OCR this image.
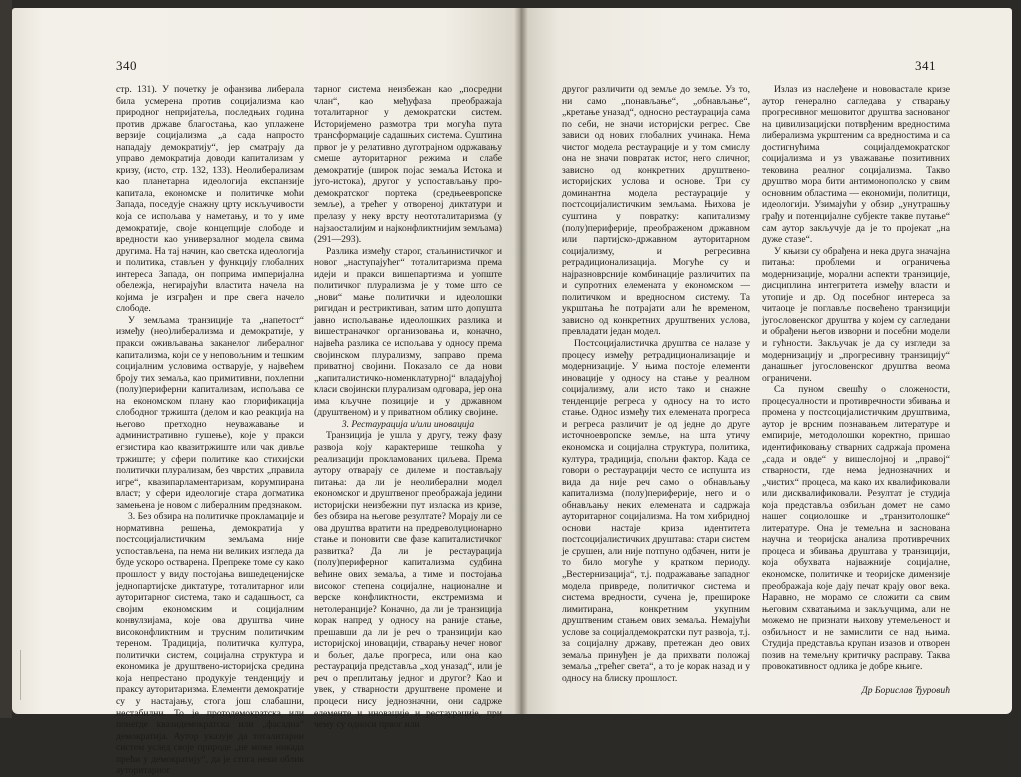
340

стр. 131). У почетку је офанзива либерала била усмерена против социјализма као природног непријатеља, последњих година против државе благостања, као уплажене верзије социјализма „а сада напросто нападају демократију“, јер сматрају да управо демократија доводи капитализам у кризу, (исто, стр. 132, 133). Неолиберализам као планетарна идеологија експанзије капитала, економске и политичке моћи Запада, поседује снажну црту искључивости која се испољава у наметању, и то у име демократије, своје концепције слободе и вредности као универзалног модела свима другима. На тај начин, као светска идеологија и политика, стављен у функцију глобалних интереса Запада, он поприма империјална обележја, негирајући властита начела на којима је изграђен и пре свега начело слободе.

У земљама транзиције та „напетост“ између (нео)либерализма и демократије, у пракси оживљавања заканелог либералног капитализма, који се у неповољним и тешким социјалним условима остварује, у највећем броју тих земаља, као примитивни, похлепни (полу)периферни капитализам, испољава се на економском плану као глорификација слободног тржишта (делом и као реакција на његово претходно неуважавање и административно гушење), које у пракси егзистира као квазитржиште или чак дивље тржиште; у сфери политике као стихијски политички плурализам, без чврстих „правила игре“, квазипарламентаризам, корумпирана власт; у сфери идеологије стара догматика замењена је новом с либералним предзнаком.

3. Без обзира на политичке прокламације и нормативна решења, демократија у постсоцијалистичким земљама није успостављена, па нема ни великих изгледа да буде ускоро остварена. Препреке томе су како прошлост у виду постојања вишедеценијске једнопартијске диктатуре, тоталитарног или ауторитарног система, тако и садашњост, са својим економским и социјалним конвулзијама, које ова друштва чине високонфликтним и трусним политичким тереном. Традиција, политичка култура, политички систем, социјална структура и економика је друштвено-историјска средина која непрестано продукује тенденцију и праксу ауторитаризма. Елементи демократије су у настајању, стога још слабашни, нестабилни. То је протодемократска или понегде квазидемократска или „фасадна“ демократија. Аутор указује да тоталитарни систем услед своје природе „не може никада прећи у демократију“, да је стога неки облик ауторитарног

тарног система неизбежан као „посредни члан“, као међуфаза преображаја тоталитарног у демократски систем. Историјемено размотра три могућа пута трансформације садашњих система. Суштина првог је у релативно дуготрајном одржавању смеше ауторитарног режима и слабе демократије (широк појас земаља Истока и југо-истока), другог у успостављању про-демократског портека (средњеевропске земље), а трећег у отвореној диктатури и прелазу у неку врсту неототалитаризма (у најзаосталијим и најконфликтнијим земљама) (291—293).

Разлика између старог, стаљинистичког и новог „наступајућег“ тоталитаризма према идеји и пракси вишепартизма и уопште политичког плурализма је у томе што се „нови“ мање политички и идеолошки ригидан и рестриктиван, затим што допушта јавно испољавање идеолошких разлика и вишестраначког организовања и, коначно, највећа разлика се испољава у односу према својинском плурализму, заправо према приватној својини. Показало се да нови „капиталистичко-номенклатурној“ владајућој класи својински плурализам одговара, јер она има кључне позиције и у државном (друштвеном) и у приватном облику својине.

3. Рестаурација и/или иновација

Транзиција је ушла у другу, тежу фазу развоја коју карактерише тешкоћа у реализацији прокламованих циљева. Према аутору отварају се дилеме и постављају питања: да ли је неолиберални модел економског и друштвеног преображаја једини историјски неизбежни пут изласка из кризе, без обзира на његове резултате? Морају ли се ова друштва вратити на предреволуционарно стање и поновити све фазе капиталистичког развитка? Да ли је рестаурација (полу)периферног капитализма судбина већине ових земаља, а тиме и постојања високог степена социјалне, националне и верске конфликтности, екстремизма и нетолеранције? Коначно, да ли је транзиција корак напред у односу на раније стање, прешавши да ли је реч о транзицији као историјској иновацији, стварању нечег новог и бољег, даље прогреса, или она као рестаурација представља „ход уназад“, или је реч о преплитању једног и другог? Као и увек, у стварности друштвене промене и процеси нису једнозначни, они садрже елементе и иновације и рестаурације, при чему су односи првог или

341

другог различити од земље до земље. Уз то, ни само „понављање“, „обнављање“, „кретање уназад“, односно рестаурација сама по себи, не значи историјски регрес. Све зависи од нових глобалних учинака. Нема чистог модела рестаурације и у том смислу она не значи повратак истог, него сличног, зависно од конкретних друштвено-историјских услова и основе. Три су доминантна модела рестаурације у постсоцијалистичким земљама. Њихова је суштина у повратку: капитализму (полу)периферије, преображеном државном или партијско-државном ауторитарном социјализму, и регресивна ретрадиционализација. Могуће су и најразноврсније комбинације различитих па и супротних елемената у економском — политичком и вредносном систему. Та укрштања ће потрајати али ће временом, зависно од конкретних друштвених услова, превладати један модел.

Постсоцијалистичка друштва се налазе у процесу између ретрадиционализације и модернизације. У њима постоје елементи иновације у односу на стање у реалном социјализму, али исто тако и снажне тенденције регреса у односу на то исто стање. Однос између тих елемената прогреса и регреса различит је од једне до друге источноевропске земље, на шта утичу економска и социјална структура, политика, култура, традиција, спољни фактор. Када се говори о рестаурацији често се испушта из вида да није реч само о обнављању капитализма (полу)периферије, него и о обнављању неких елемената и садржаја ауторитарног социјализма. На том хибридној основи настаје криза идентитета постсоцијалистичких друштава: стари систем је срушен, али није потпуно одбачен, нити је то било могуће у кратком периоду. „Вестернизација“, т.ј. подражавање западног модела привреде, политичког система и система вредности, сучена је, прешироке лимитирана, конкретним укупним друштвеним стањем ових земаља. Немајући услове за социјалдемократски пут развоја, т.ј. за социјалну државу, претежан део ових земаља принуђен је да прихвати положај земаља „трећег света“, а то је корак назад и у односу на блиску прошлост.

Излаз из наслеђене и нововастале кризе аутор генерално сагледава у стварању прогресивног мешовитог друштва заснованог на цивилизацијски потврђеним вредностима либерализма укрштеним са вредностима и са достигнућима социјалдемократског социјализма и уз уважавање позитивних тековина реалног социјализма. Такво друштво мора бити антимонополско у свим основним областима — економији, политици, идеологији. Узимајући у обзир „унутрашњу грађу и потенцијалне субјекте такве путање“ сам аутор закључује да је то пројекат „на дуже стазе“.

У књизи су обрађена и нека друга значајна питања: проблеми и ограничења модернизације, морални аспекти транзиције, дисциплина интегритета између власти и утопије и др. Од посебног интереса за читаоце је поглавље посвећено транзицији југословенског друштва у којем су сагледани и обрађени његов изворни и посебни модели и гућности. Закључак је да су изгледи за модернизацију и „прогресивну транзицију“ данашњег југословенског друштва веома ограничени.

Са пуном свешћу о сложености, процесуалности и противречности збивања и промена у постсоцијалистичким друштвима, аутор је врсним познавањем литературе и емпирије, методолошки коректно, пришао идентификовању стварних садржаја промена „сада и овде“ у вишеслојној и „правој“ стварности, где нема једнозначних и „чистих“ процеса, ма како их квалификовали или дисквалификовали. Резултат је студија која представља озбиљан домет не само нашег социолошке и „транзитолошке“ литературе. Она је темељна и заснована научна и теоријска анализа противречних процеса и збивања друштава у транзицији, која обухвата најважније социјалне, економске, политичке и теоријске димензије преображаја које дају печат крају овог века. Наравно, не морамо се сложити са свим његовим схватањима и закључцима, али не можемо не признати њихову утемељеност и озбиљност и не замислити се над њима. Студија представља крупан изазов и отворен позив на темељну критичку расправу. Таква провокативност одлика је добре књиге.

Др Борислав Ђуровић
